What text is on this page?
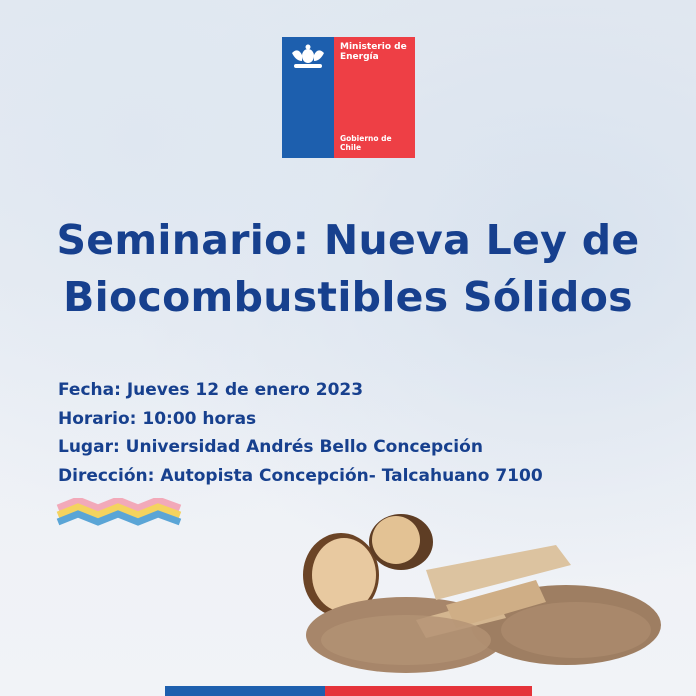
Ministerio de
Energía
Gobierno de Chile
Seminario: Nueva Ley de
Biocombustibles Sólidos
Fecha: Jueves 12 de enero 2023
Horario: 10:00 horas
Lugar: Universidad Andrés Bello Concepción
Dirección: Autopista Concepción- Talcahuano 7100
